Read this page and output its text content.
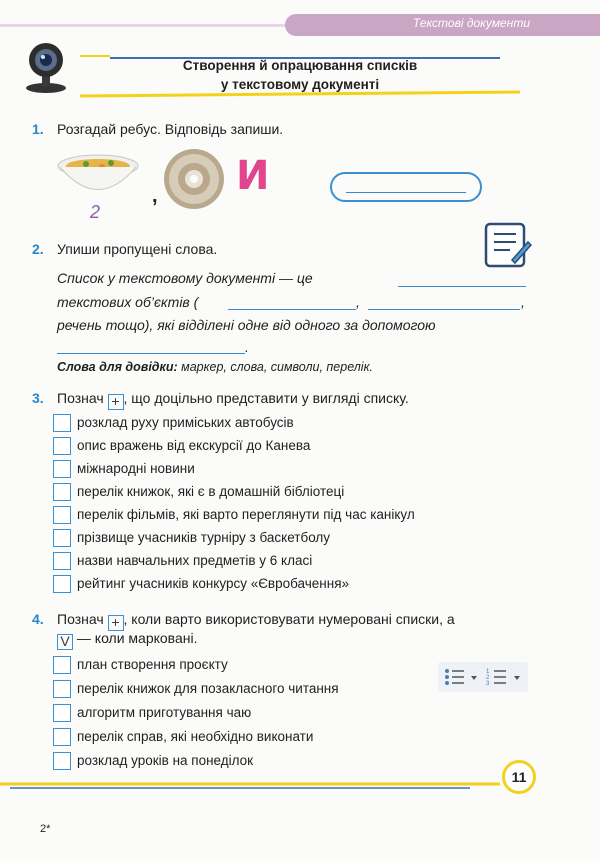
Текстові документи
Створення й опрацювання списків
у текстовому документі
1. Розгадай ребус. Відповідь запиши.
2
, И
2. Упиши пропущені слова.
Список у текстовому документі — це
текстових об’єктів (	,	,
речень тощо), які відділені одне від одного за допомогою
.
Слова для довідки: маркер, слова, символи, перелік.
3. Познач + , що доцільно представити у вигляді списку.
розклад руху приміських автобусів
опис вражень від екскурсії до Канева
міжнародні новини
перелік книжок, які є в домашній бібліотеці
перелік фільмів, які варто переглянути під час канікул
прізвище учасників турніру з баскетболу
назви навчальних предметів у 6 класі
рейтинг учасників конкурсу «Євробачення»
4. Познач + , коли варто використовувати нумеровані списки, а
V — коли марковані.
1
2
3
план створення проєкту
перелік книжок для позакласного читання
алгоритм приготування чаю
перелік справ, які необхідно виконати
розклад уроків на понеділок
11
2*
